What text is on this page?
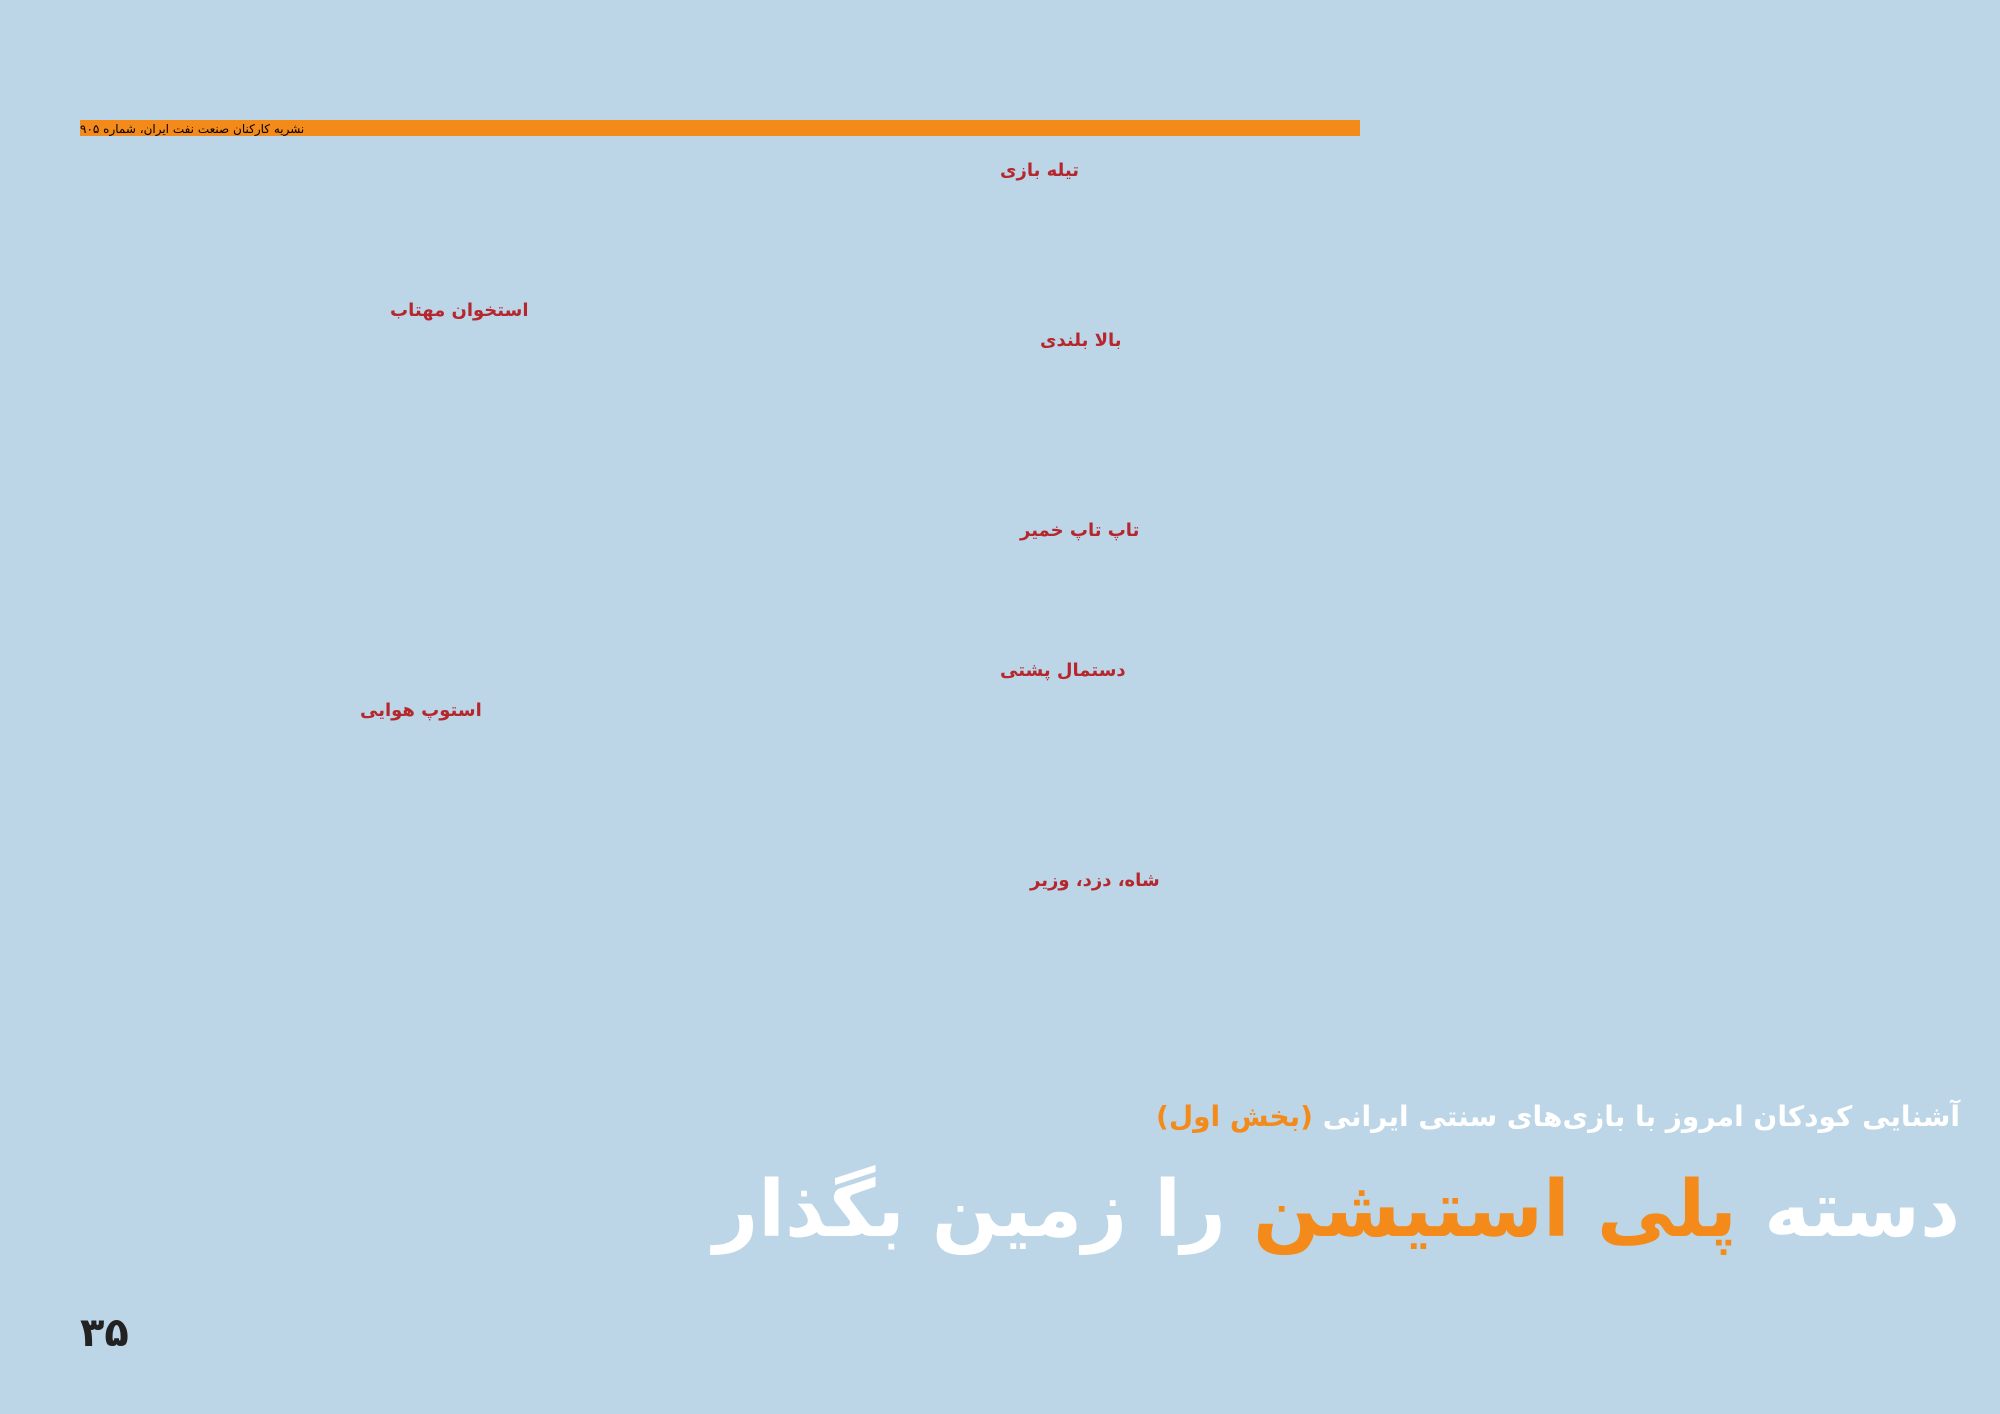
نشریه کارکنان صنعت نفت ایران، شماره ۹۰۵
آشنایی کودکان امروز با بازی‌های سنتی ایرانی (بخش اول)
دسته پلی استیشن را زمین بگذار
۳۵
تیله بازی
بالا بلندی
استخوان مهتاب
تاپ تاپ خمیر
دستمال پشتی
استوپ هوایی
شاه، دزد، وزیر
